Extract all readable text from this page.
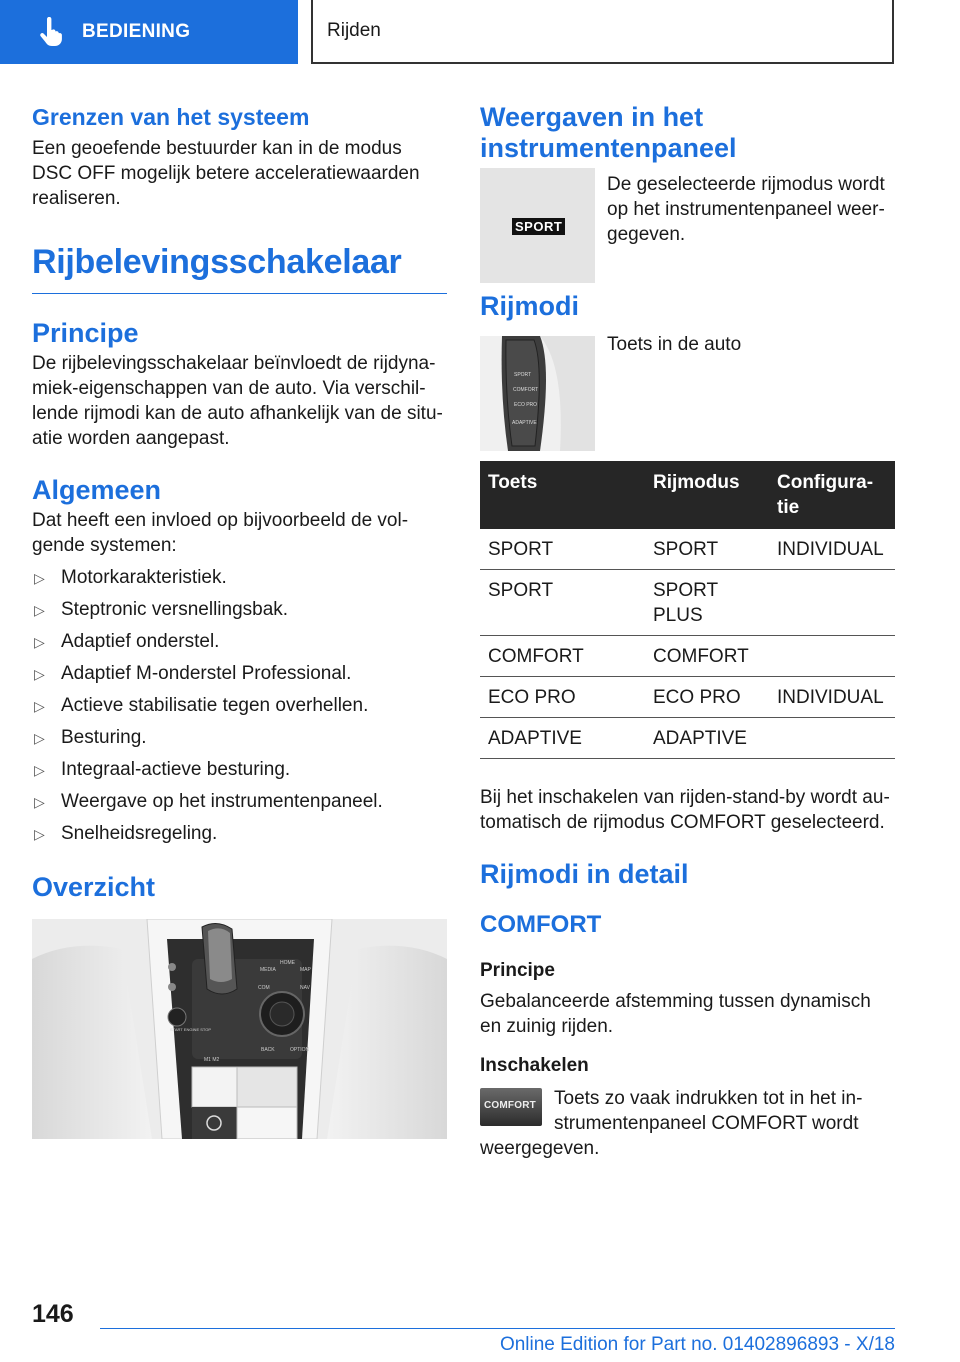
BEDIENING	Rijden
Grenzen van het systeem

Een geoefende bestuurder kan in de modus DSC OFF mogelijk betere acceleratiewaarden realiseren.

Rijbelevingsschakelaar
Principe

De rijbelevingsschakelaar beïnvloedt de rijdynamiek-eigenschappen van de auto. Via verschillende rijmodi kan de auto afhankelijk van de situatie worden aangepast.

Algemeen

Dat heeft een invloed op bijvoorbeeld de volgende systemen:

▷ Motorkarakteristiek.
▷ Steptronic versnellingsbak.
▷ Adaptief onderstel.
▷ Adaptief M-onderstel Professional.
▷ Actieve stabilisatie tegen overhellen.
▷ Besturing.
▷ Integraal-actieve besturing.
▷ Weergave op het instrumentenpaneel.
▷ Snelheidsregeling.
Overzicht
MEDIA
HOME
MAP
COM	NAV
BACK	OPTION
START ENGINE STOP
M1 M2
Weergaven in het instrumentenpaneel
SPORT

De geselecteerde rijmodus wordt op het instrumentenpaneel weergegeven.

Rijmodi
SPORT
COMFORT
ECO PRO
ADAPTIVE

Toets in de auto

Toets	Rijmodus	Configuratie
SPORT	SPORT	INDIVIDUAL
SPORT	SPORT PLUS	
COMFORT	COMFORT	
ECO PRO	ECO PRO	INDIVIDUAL
ADAPTIVE	ADAPTIVE	

Bij het inschakelen van rijden-stand-by wordt automatisch de rijmodus COMFORT geselecteerd.

Rijmodi in detail
COMFORT
Principe

Gebalanceerde afstemming tussen dynamisch en zuinig rijden.

Inschakelen
COMFORT Toets zo vaak indrukken tot in het instrumentenpaneel COMFORT wordt weergegeven.

146
Online Edition for Part no. 01402896893 - X/18
